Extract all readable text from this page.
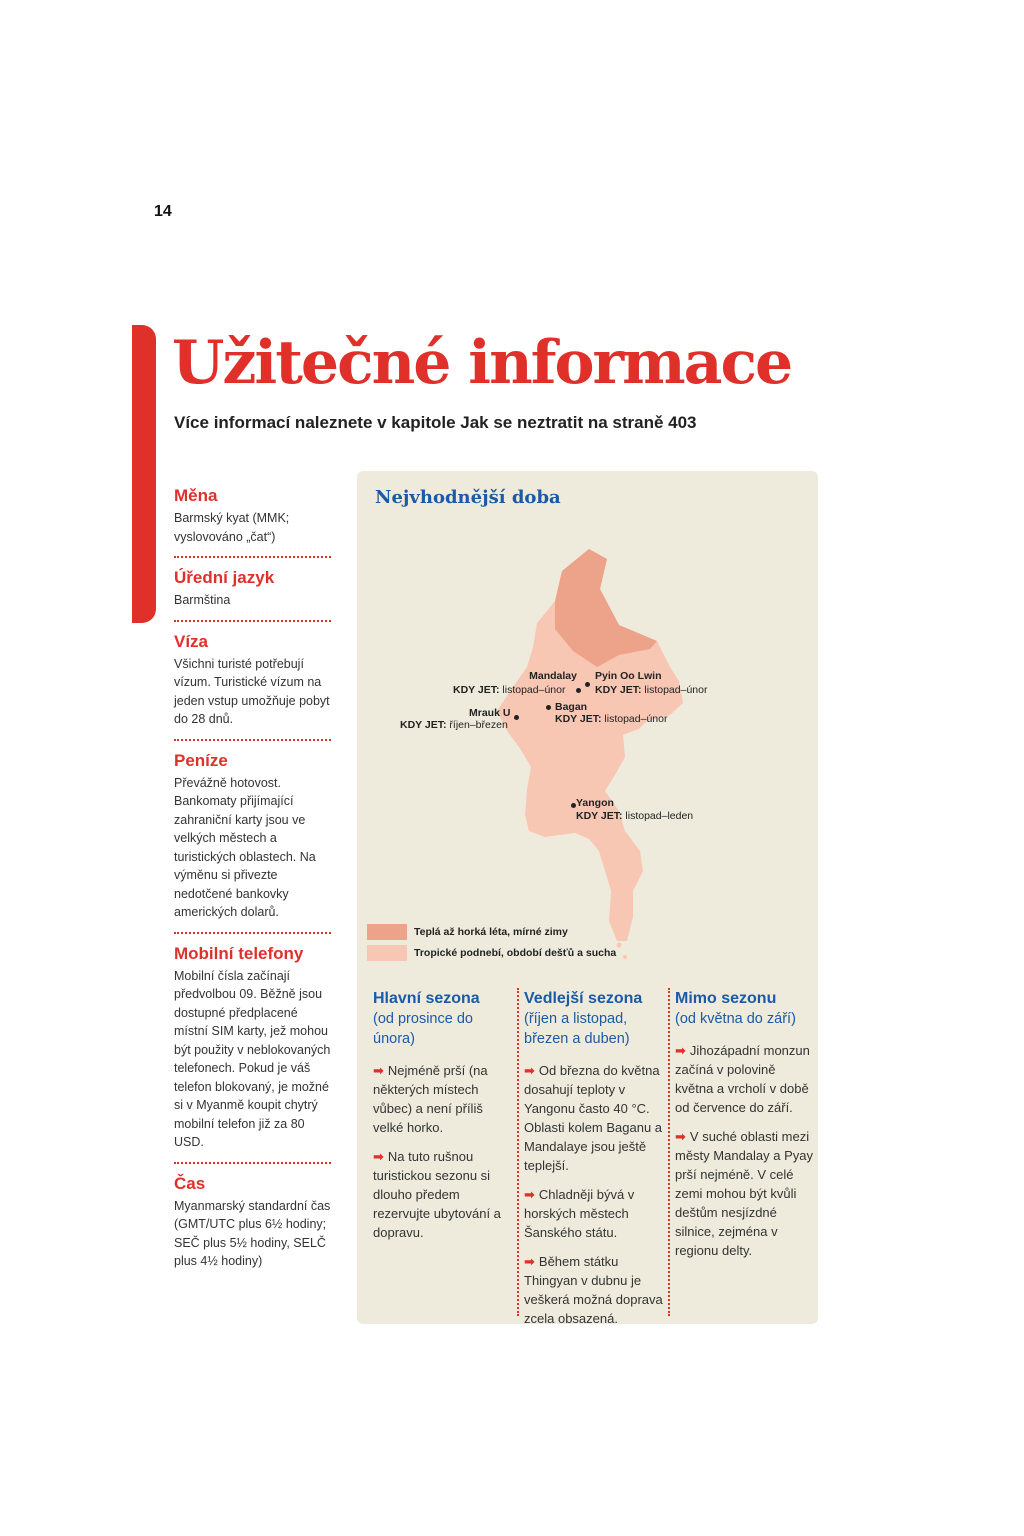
14
Užitečné informace
Více informací naleznete v kapitole Jak se neztratit na straně 403
Měna

Barmský kyat (MMK; vyslovováno „čat“)

Úřední jazyk

Barmština

Víza

Všichni turisté potřebují vízum. Turistické vízum na jeden vstup umožňuje pobyt do 28 dnů.

Peníze

Převážně hotovost. Bankomaty přijímající zahraniční karty jsou ve velkých městech a turistických oblastech. Na výměnu si přivezte nedotčené bankovky amerických dolarů.

Mobilní telefony

Mobilní čísla začínají předvolbou 09. Běžně jsou dostupné předplacené místní SIM karty, jež mohou být použity v neblokovaných telefonech. Pokud je váš telefon blokovaný, je možné si v Myanmě koupit chytrý mobilní telefon již za 80 USD.

Čas

Myanmarský standardní čas (GMT/UTC plus 6½ hodiny; SEČ plus 5½ hodiny, SELČ plus 4½ hodiny)

Nejvhodnější doba
Mandalay
KDY JET: listopad–únor
Pyin Oo Lwin
KDY JET: listopad–únor
Mrauk U
KDY JET: říjen–březen
Bagan
KDY JET: listopad–únor
Yangon
KDY JET: listopad–leden
Teplá až horká léta, mírné zimy
Tropické podnebí, období dešťů a sucha
Hlavní sezona
(od prosince do února)
➡ Nejméně prší (na některých místech vůbec) a není příliš velké horko.
➡ Na tuto rušnou turistickou sezonu si dlouho předem rezervujte ubytování a dopravu.
Vedlejší sezona
(říjen a listopad, březen a duben)
➡ Od března do května dosahují teploty v Yangonu často 40 °C. Oblasti kolem Baganu a Mandalaye jsou ještě teplejší.
➡ Chladněji bývá v horských městech Šanského státu.
➡ Během státku Thingyan v dubnu je veškerá možná doprava zcela obsazená.
Mimo sezonu
(od května do září)
➡ Jihozápadní monzun začíná v polovině května a vrcholí v době od července do září.
➡ V suché oblasti mezi městy Mandalay a Pyay prší nejméně. V celé zemi mohou být kvůli deštům nesjízdné silnice, zejména v regionu delty.
